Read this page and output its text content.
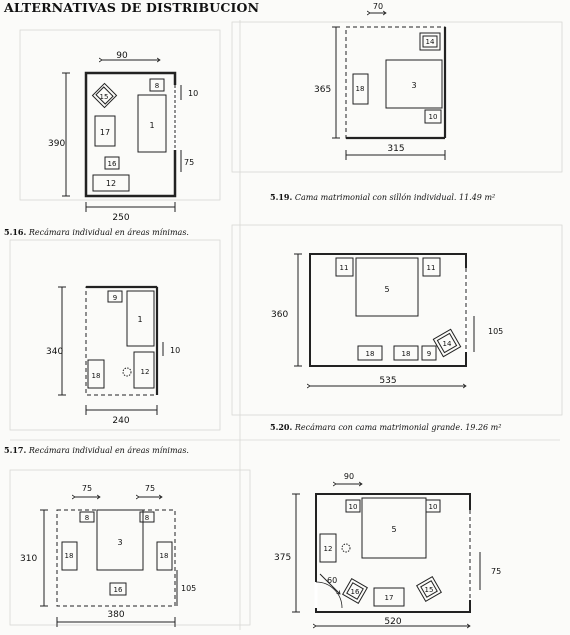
ALTERNATIVAS DE DISTRIBUCION
5.16. Recámara individual en áreas mínimas.
5.17. Recámara individual en áreas mínimas.
5.19. Cama matrimonial con sillón individual. 11.49 m²
5.20. Recámara con cama matrimonial grande. 19.26 m²
90
390
250
10
75
1
17
15
8
16
12
340
240
10
1
9
18	12
75	75
310
380
105
3
8	8
18	18
16
70
365
315
3
14
18
10
360
535
105
5
11	11
18	18 9
14
90
375
520
75
60
5
10	10
12
16
17
15
